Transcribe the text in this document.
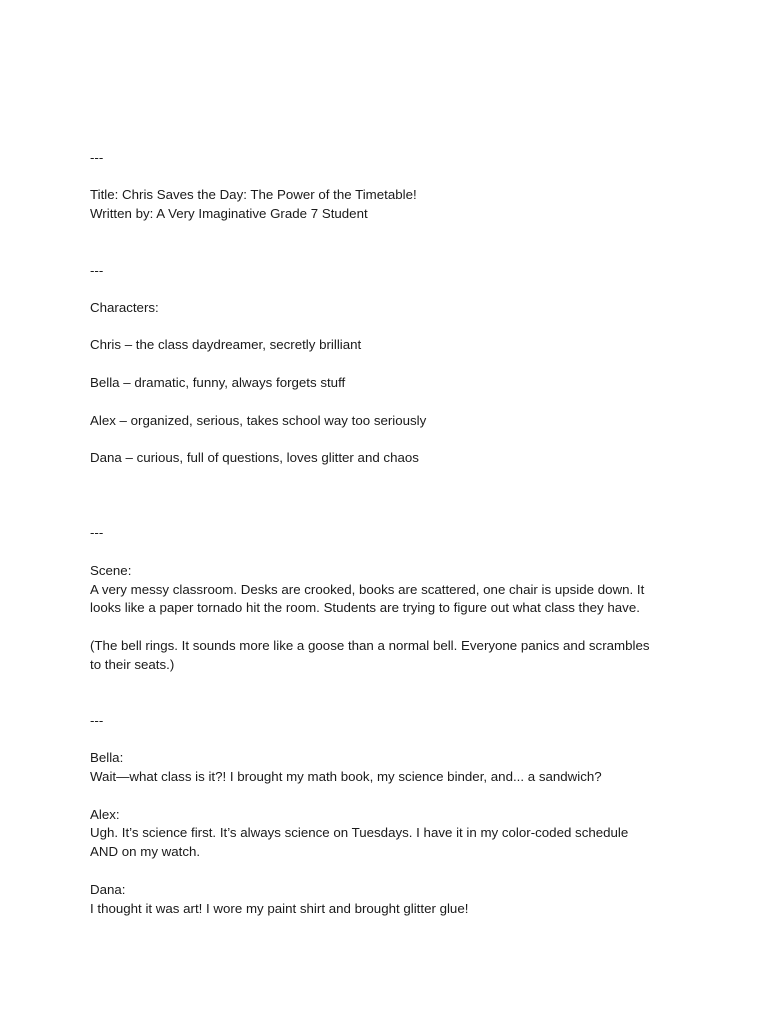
---
Title: Chris Saves the Day: The Power of the Timetable!
Written by: A Very Imaginative Grade 7 Student
---
Characters:
Chris – the class daydreamer, secretly brilliant
Bella – dramatic, funny, always forgets stuff
Alex – organized, serious, takes school way too seriously
Dana – curious, full of questions, loves glitter and chaos
---
Scene:
A very messy classroom. Desks are crooked, books are scattered, one chair is upside down. It
looks like a paper tornado hit the room. Students are trying to figure out what class they have.
(The bell rings. It sounds more like a goose than a normal bell. Everyone panics and scrambles
to their seats.)
---
Bella:
Wait—what class is it?! I brought my math book, my science binder, and... a sandwich?
Alex:
Ugh. It’s science first. It’s always science on Tuesdays. I have it in my color-coded schedule
AND on my watch.
Dana:
I thought it was art! I wore my paint shirt and brought glitter glue!
